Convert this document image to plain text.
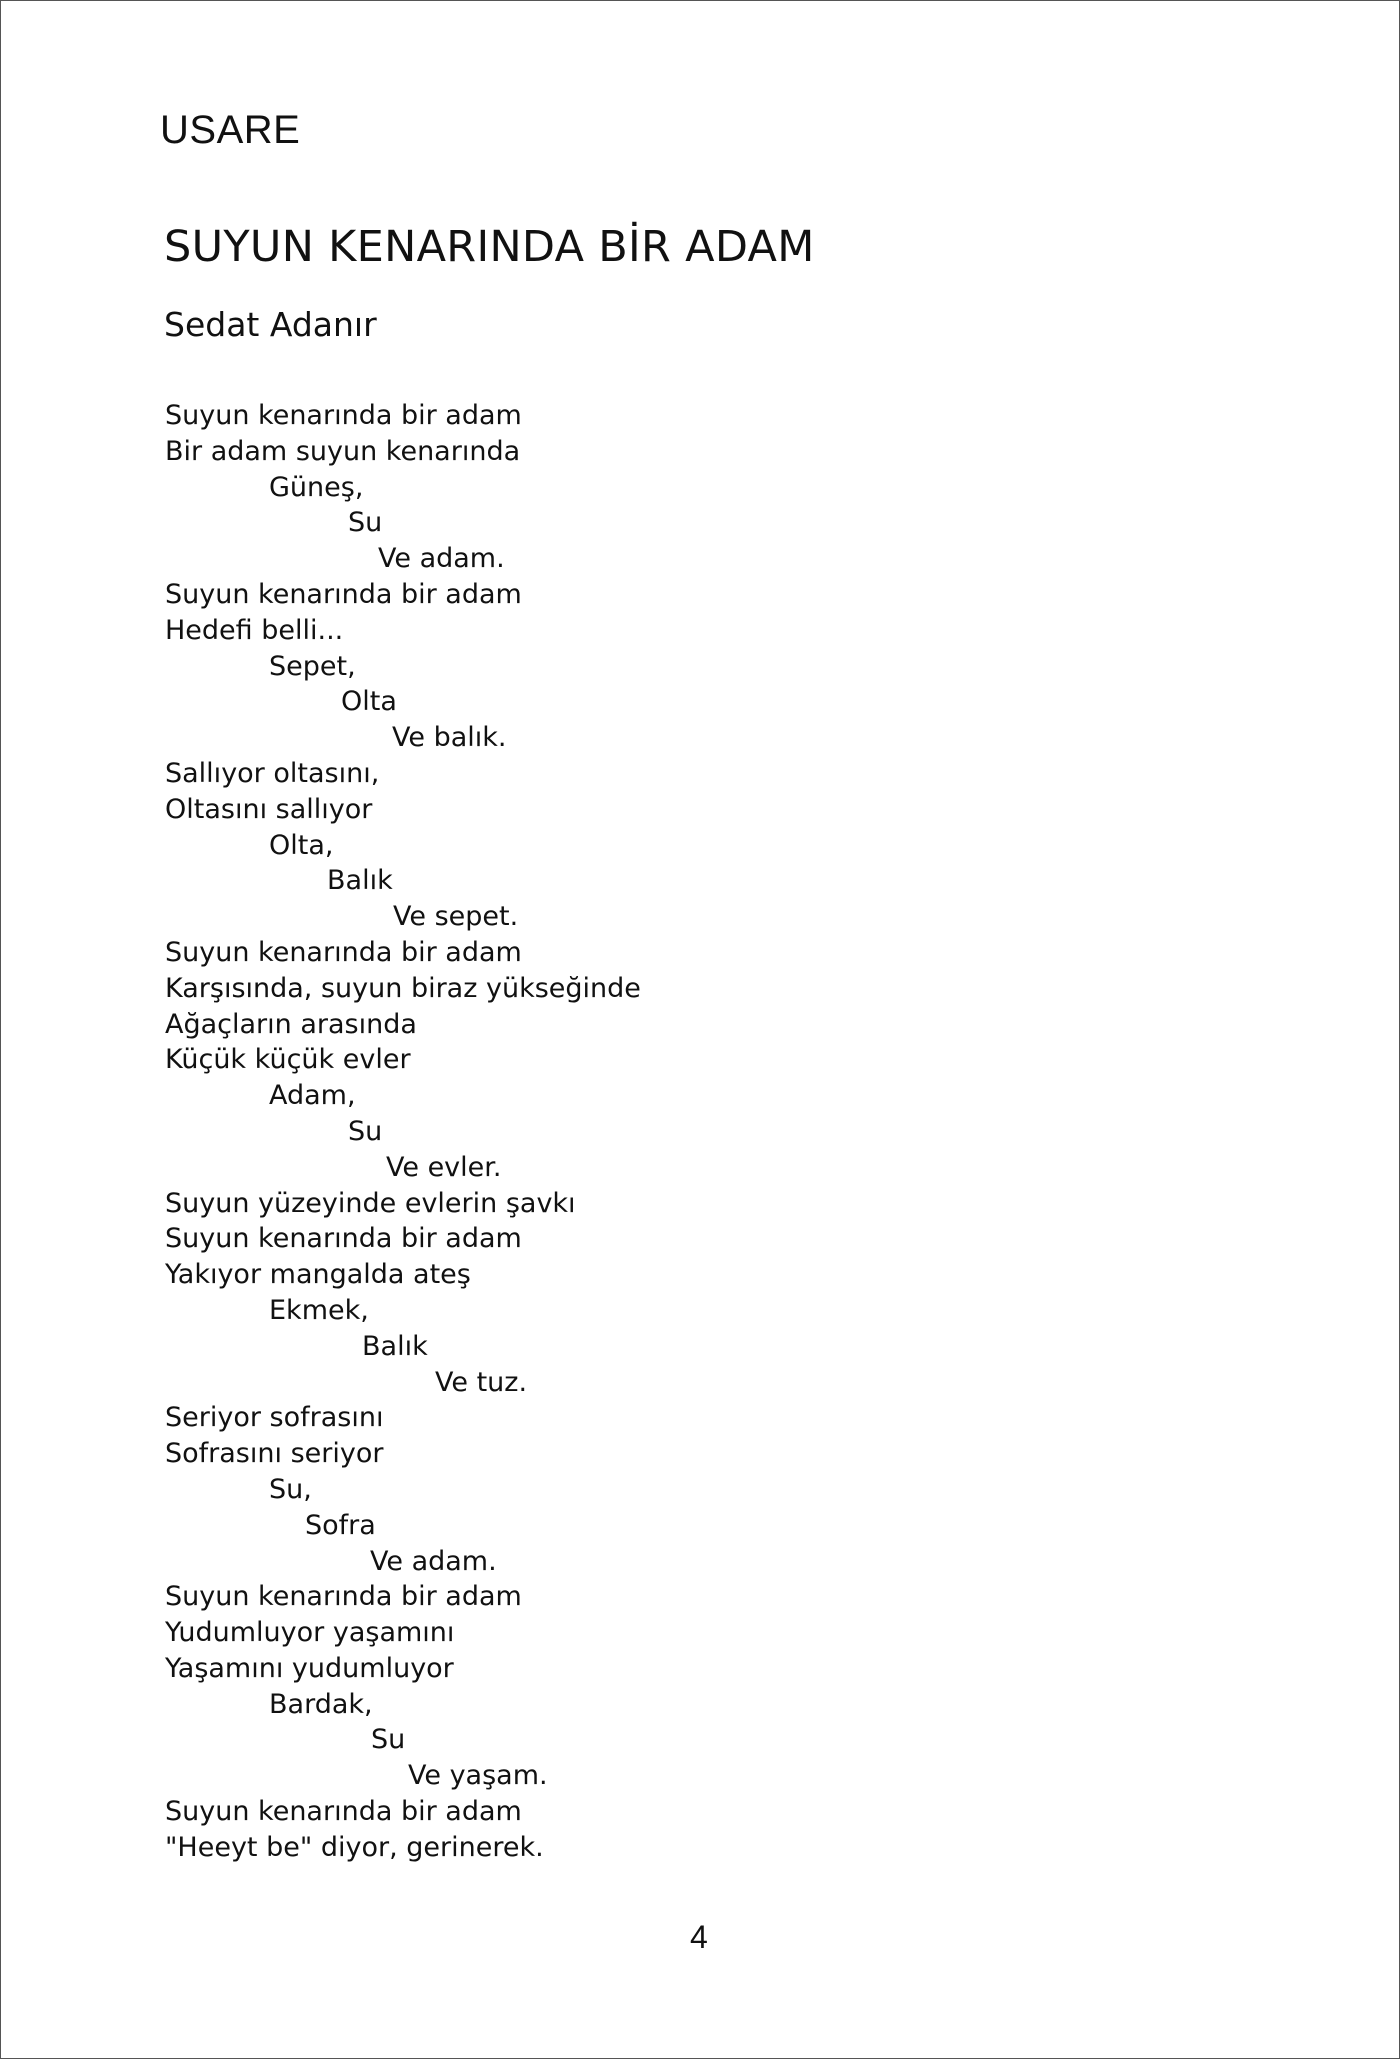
USARE
SUYUN KENARINDA BİR ADAM
Sedat Adanır
Suyun kenarında bir adam
Bir adam suyun kenarında
Güneş,
Su
Ve adam.
Suyun kenarında bir adam
Hedefi belli...
Sepet,
Olta
Ve balık.
Sallıyor oltasını,
Oltasını sallıyor
Olta,
Balık
Ve sepet.
Suyun kenarında bir adam
Karşısında, suyun biraz yükseğinde
Ağaçların arasında
Küçük küçük evler
Adam,
Su
Ve evler.
Suyun yüzeyinde evlerin şavkı
Suyun kenarında bir adam
Yakıyor mangalda ateş
Ekmek,
Balık
Ve tuz.
Seriyor sofrasını
Sofrasını seriyor
Su,
Sofra
Ve adam.
Suyun kenarında bir adam
Yudumluyor yaşamını
Yaşamını yudumluyor
Bardak,
Su
Ve yaşam.
Suyun kenarında bir adam
"Heeyt be" diyor, gerinerek.
4
